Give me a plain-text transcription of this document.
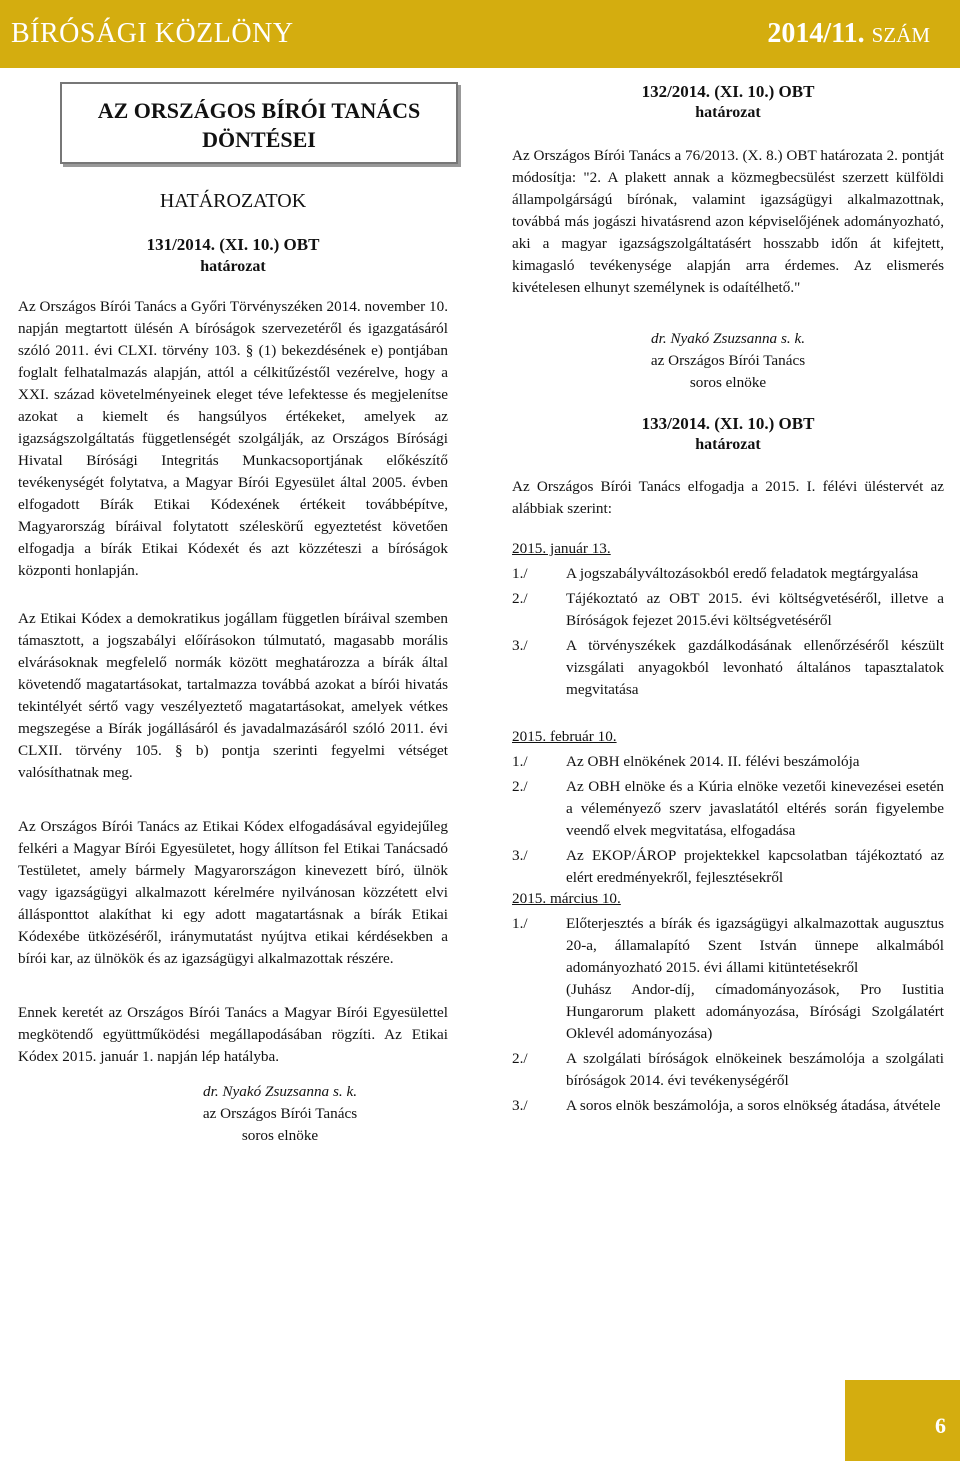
BÍRÓSÁGI KÖZLÖNY	2014/11. SZÁM
AZ ORSZÁGOS BÍRÓI TANÁCS
DÖNTÉSEI
HATÁROZATOK
131/2014. (XI. 10.) OBT
határozat
Az Országos Bírói Tanács a Győri Törvényszéken 2014. november 10. napján megtartott ülésén A bíróságok szervezetéről és igazgatásáról szóló 2011. évi CLXI. törvény 103. § (1) bekezdésének e) pontjában foglalt felhatalmazás alapján, attól a célkitűzéstől vezérelve, hogy a XXI. század követelményeinek eleget téve lefektesse és megjelenítse azokat a kiemelt és hangsúlyos értékeket, amelyek az igazságszolgáltatás függetlenségét szolgálják, az Országos Bírósági Hivatal Bírósági Integritás Munkacsoportjának előkészítő tevékenységét folytatva, a Magyar Bírói Egyesület által 2005. évben elfogadott Bírák Etikai Kódexének értékeit továbbépítve, Magyarország bíráival folytatott széleskörű egyeztetést követően elfogadja a bírák Etikai Kódexét és azt közzéteszi a bíróságok központi honlapján.
Az Etikai Kódex a demokratikus jogállam független bíráival szemben támasztott, a jogszabályi előírásokon túlmutató, magasabb morális elvárásoknak megfelelő normák között meghatározza a bírák által követendő magatartásokat, tartalmazza továbbá azokat a bírói hivatás tekintélyét sértő vagy veszélyeztető magatartásokat, amelyek vétkes megszegése a Bírák jogállásáról és javadalmazásáról szóló 2011. évi CLXII. törvény 105. § b) pontja szerinti fegyelmi vétséget valósíthatnak meg.
Az Országos Bírói Tanács az Etikai Kódex elfogadásával egyidejűleg felkéri a Magyar Bírói Egyesületet, hogy állítson fel Etikai Tanácsadó Testületet, amely bármely Magyarországon kinevezett bíró, ülnök vagy igazságügyi alkalmazott kérelmére nyilvánosan közzétett elvi állásponttot alakíthat ki egy adott magatartásnak a bírák Etikai Kódexébe ütközéséről, iránymutatást nyújtva etikai kérdésekben a bírói kar, az ülnökök és az igazságügyi alkalmazottak részére.
Ennek keretét az Országos Bírói Tanács a Magyar Bírói Egyesülettel megkötendő együttműködési megállapodásában rögzíti. Az Etikai Kódex 2015. január 1. napján lép hatályba.
dr. Nyakó Zsuzsanna s. k.
az Országos Bírói Tanács
soros elnöke
132/2014. (XI. 10.) OBT
határozat
Az Országos Bírói Tanács a 76/2013. (X. 8.) OBT határozata 2. pontját módosítja: "2. A plakett annak a közmegbecsülést szerzett külföldi állampolgárságú bírónak, valamint igazságügyi alkalmazottnak, továbbá más jogászi hivatásrend azon képviselőjének adományozható, aki a magyar igazságszolgáltatásért hosszabb időn át kifejtett, kimagasló tevékenysége alapján arra érdemes. Az elismerés kivételesen elhunyt személynek is odaítélhető."
dr. Nyakó Zsuzsanna s. k.
az Országos Bírói Tanács
soros elnöke
133/2014. (XI. 10.) OBT
határozat
Az Országos Bírói Tanács elfogadja a 2015. I. félévi üléstervét az alábbiak szerint:
2015. január 13.
1./	A jogszabályváltozásokból eredő feladatok megtárgyalása
2./	Tájékoztató az OBT 2015. évi költségvetéséről, illetve a Bíróságok fejezet 2015.évi költségvetéséről
3./	A törvényszékek gazdálkodásának ellenőrzéséről készült vizsgálati anyagokból levonható általános tapasztalatok megvitatása
2015. február 10.
1./	Az OBH elnökének 2014. II. félévi beszámolója
2./	Az OBH elnöke és a Kúria elnöke vezetői kinevezései esetén a véleményező szerv javaslatától eltérés során figyelembe veendő elvek megvitatása, elfogadása
3./	Az EKOP/ÁROP projektekkel kapcsolatban tájékoztató az elért eredményekről, fejlesztésekről
2015. március 10.
1./	Előterjesztés a bírák és igazságügyi alkalmazottak augusztus 20-a, államalapító Szent István ünnepe alkalmából adományozható 2015. évi állami kitüntetésekről
(Juhász Andor-díj, címadományozások, Pro Iustitia Hungarorum plakett adományozása, Bírósági Szolgálatért Oklevél adományozása)
2./	A szolgálati bíróságok elnökeinek beszámolója a szolgálati bíróságok 2014. évi tevékenységéről
3./	A soros elnök beszámolója, a soros elnökség átadása, átvétele
6
